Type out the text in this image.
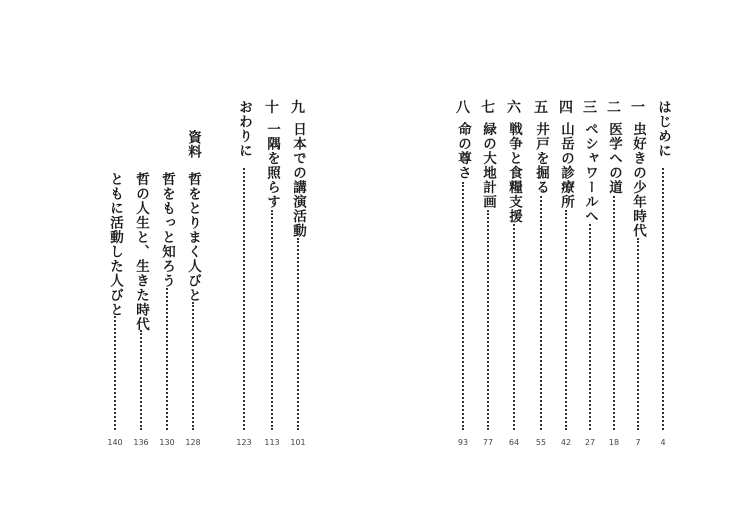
はじめに
4
一
虫好きの少年時代
7
二
医学への道
18
三
ペシャワールへ
27
四
山岳の診療所
42
五
井戸を掘る
55
六
戦争と食糧支援
64
七
緑の大地計画
77
八
命の尊さ
93
九
日本での講演活動
101
十
一隅を照らす
113
おわりに
123
資料
哲をとりまく人びと
128
哲をもっと知ろう
130
哲の人生と、生きた時代
136
ともに活動した人びと
140
